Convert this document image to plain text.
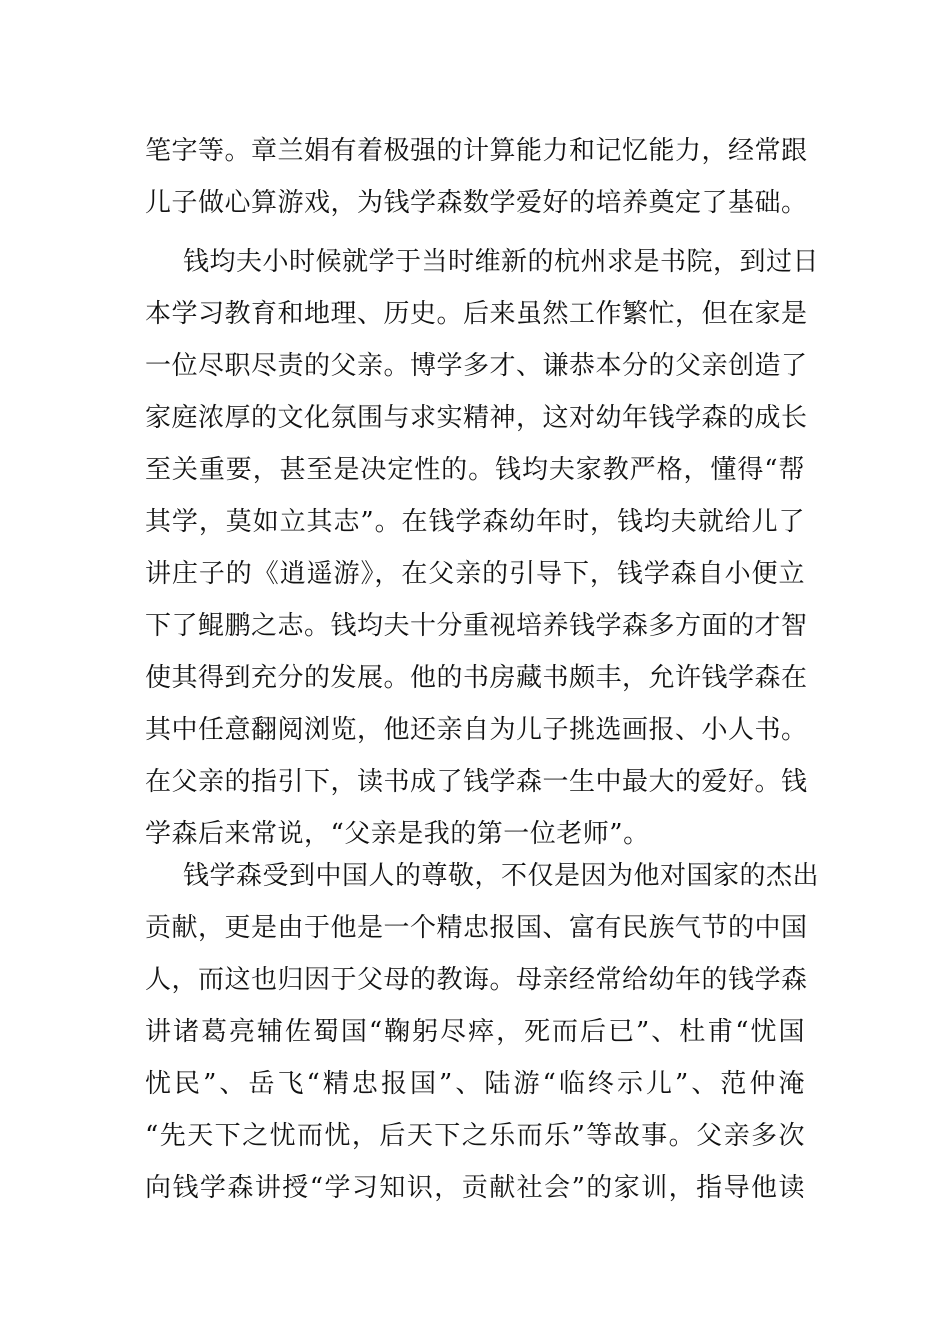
笔字等。章兰娟有着极强的计算能力和记忆能力，经常跟
儿子做心算游戏，为钱学森数学爱好的培养奠定了基础。
钱均夫小时候就学于当时维新的杭州求是书院，到过日
本学习教育和地理、历史。后来虽然工作繁忙，但在家是
一位尽职尽责的父亲。博学多才、谦恭本分的父亲创造了
家庭浓厚的文化氛围与求实精神，这对幼年钱学森的成长
至关重要，甚至是决定性的。钱均夫家教严格，懂得“帮
其学，莫如立其志”。在钱学森幼年时，钱均夫就给儿了
讲庄子的《逍遥游》，在父亲的引导下，钱学森自小便立
下了鲲鹏之志。钱均夫十分重视培养钱学森多方面的才智
使其得到充分的发展。他的书房藏书颇丰，允许钱学森在
其中任意翻阅浏览，他还亲自为儿子挑选画报、小人书。
在父亲的指引下，读书成了钱学森一生中最大的爱好。钱
学森后来常说，“父亲是我的第一位老师”。
钱学森受到中国人的尊敬，不仅是因为他对国家的杰出
贡献，更是由于他是一个精忠报国、富有民族气节的中国
人，而这也归因于父母的教诲。母亲经常给幼年的钱学森
讲诸葛亮辅佐蜀国“鞠躬尽瘁，死而后已”、杜甫“忧国
忧民”、岳飞“精忠报国”、陆游“临终示儿”、范仲淹
“先天下之忧而忧，后天下之乐而乐”等故事。父亲多次
向钱学森讲授“学习知识，贡献社会”的家训，指导他读
